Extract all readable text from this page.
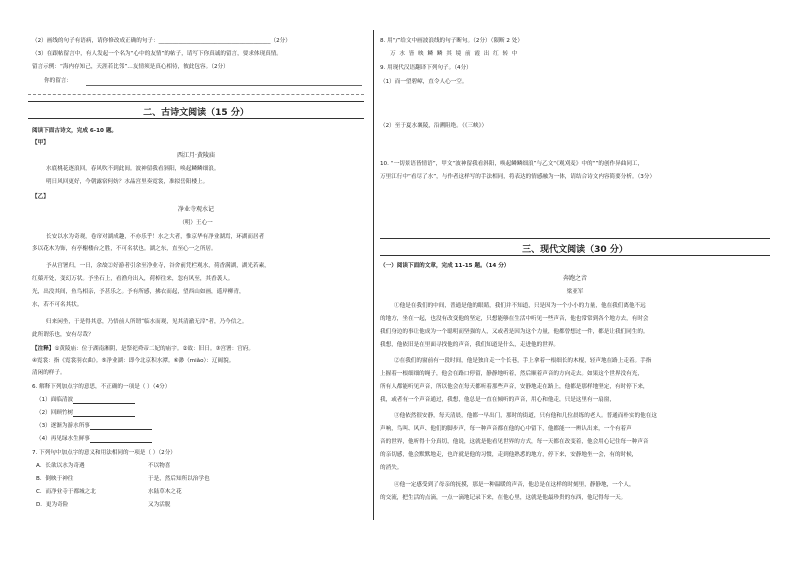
（2）画线的句子有语病，请你修改成正确的句子：________________________________________（2分）
（3）在跟帖留言中，有人发起一个名为“心中的友情”的帖子，请写下你真诚的留言，要求体现真情。
留言示例：“海内存知己，天涯若比邻”…友情须是真心相待，彼此包容。（2分）
你的留言：
二、古诗文阅读（15 分）
阅读下面古诗文，完成 6-10 题。
【甲】
西江月·黄陵庙
水底桃花逐浪回，春风吹不到此间。波神留我看斜阳，唤起鳞鳞细浪。
明日风回更好，今朝露宿何妨？水晶宫里奏霓裳，准拟岳阳楼上。
【乙】
净业寺观水记
（明）王心一
长安以水为奇观，卷帘对湖成趣，不亦乐乎！水之大者，惟京华有净业湖焉，环湖而居者
多以花木为饰，有亭榭楼台之胜，不可名状也。湖之东，直至心一之所居。
予从宫署归，一日，余故②好游者引余至净业寺，谷舍前凭栏观水，荷香满湖，湖光若素，
红蕖开处，变幻万状。予坐石上，看渔舟出入，荷棹往来，忽有风至，其香袭人。
光，出没其间，鱼鸟相亲，予甚乐之。予有所感，拂衣而起，望西山如画，遥岸柳青，
水，若不可名其状。
归来闲坐，于是得其意，乃悟前人所谓“临水而观，见其清澈无滓”者，乃今信之。
此所谓乐也，安有尽哉？
【注释】①黄陵庙：位于湖南湘阴，是祭祀舜帝二妃的庙宇。②故：旧日。③宫署：官府。
④霓裳：指《霓裳羽衣曲》。⑤净业湖：即今北京积水潭。⑥渺（miǎo）：辽阔貌。
清闲的样子。
6. 解释下列加点字的意思，不正确的一项是（ ）（4分）
（1）面临清波
（2）回顾竹树
（3）逐渐为游水所事
（4）再见绿水生鲜事
7. 下列句中加点字的意义和用法相同的一项是（ ）（2分）
A．长欲以水为奇遇	不以物喜
B．倒映于神往	于是，然后知所以治学也
C．而净业寺于都城之北	水陆草木之花
D．更为奇险	又为活脱
8. 用“/”给文中画波浪线的句子断句。（2分）（限断 2 处）
万 水 皆 映 鳞 鳞 其 境 前 霞 出 红 转 中
9. 用现代汉语翻译下列句子。（4分）
（1）而一望碧嶂，直令人心一空。
（2）至于夏水襄陵，沿溯阻绝。（《三峡》）
10. “一切景语皆情语”，甲文“波神留我看斜阳，唤起鳞鳞细浪”与乙文“《观刈麦》中的“”的创作异曲同工，
万里江行中“看尽了水”，与作者这样写的手法相同，将表达的情感融为一体，请结合诗文内容简要分析。（3分）
三、现代文阅读（30 分）
（一）阅读下面的文章，完成 11-15 题。（14 分）
奔跑之音
梁亚军
①他是在我们的中间，普通是他的眼睛，我们并不知道，只是因为一个小小的力量，他在我们离他不远
的地方，坐在一起，也没有改变他的坚定，只想能够在生活中听见一些声音，他也常常到各个地方去，有时会
我们身边的事让他成为一个聪明而坚强的人，又或者是因为这个力量，他都曾想过一件，都是让我们同生的。
我想，他依旧是在里面寻找他的声音，我们知道是什么，走进他的世界。
②在我们的窗前有一段时间，他是独自走一个长巷，手上拿着一根细长的木棍，轻声地在路上走着。手指
上握着一根细细的绳子，他会在路口停留，静静地听着，然后顺着声音的方向走去。如果这个世界没有光，
所有人都能听见声音，所以他会在每天都听着那些声音，安静地走在路上，他都是那样地坚定，有时停下来，
我，或者有一个声音通过，我想，他总是一直在倾听的声音，用心和他走，只是这里有一扇窗，
③他依然很安静，每天清晨，他都一早出门，那时的街道，只有他和几位晨练的老人。普通而朴实的他在这
声响，鸟叫、风声、他们的脚步声，每一种声音都在他的心中留下，他都能一一辨认出来，一个有着声
音的世界，他听得十分真切，他说，这就是他看见世界的方式，每一天都在改变着，他会用心记住每一种声音
的亲切感，他会默默地走，也许就是他的习惯，走到他熟悉的地方，停下来，安静地坐一会，有的时候，
的消失。
④他一定感受到了母亲的抚摸，那是一种温暖的声音，他总是在这样的时刻里，静静地，一个人，
的交流，把生活的点滴，一点一滴地记录下来，在他心里，这就是他最珍贵的东西，他记得每一天。
